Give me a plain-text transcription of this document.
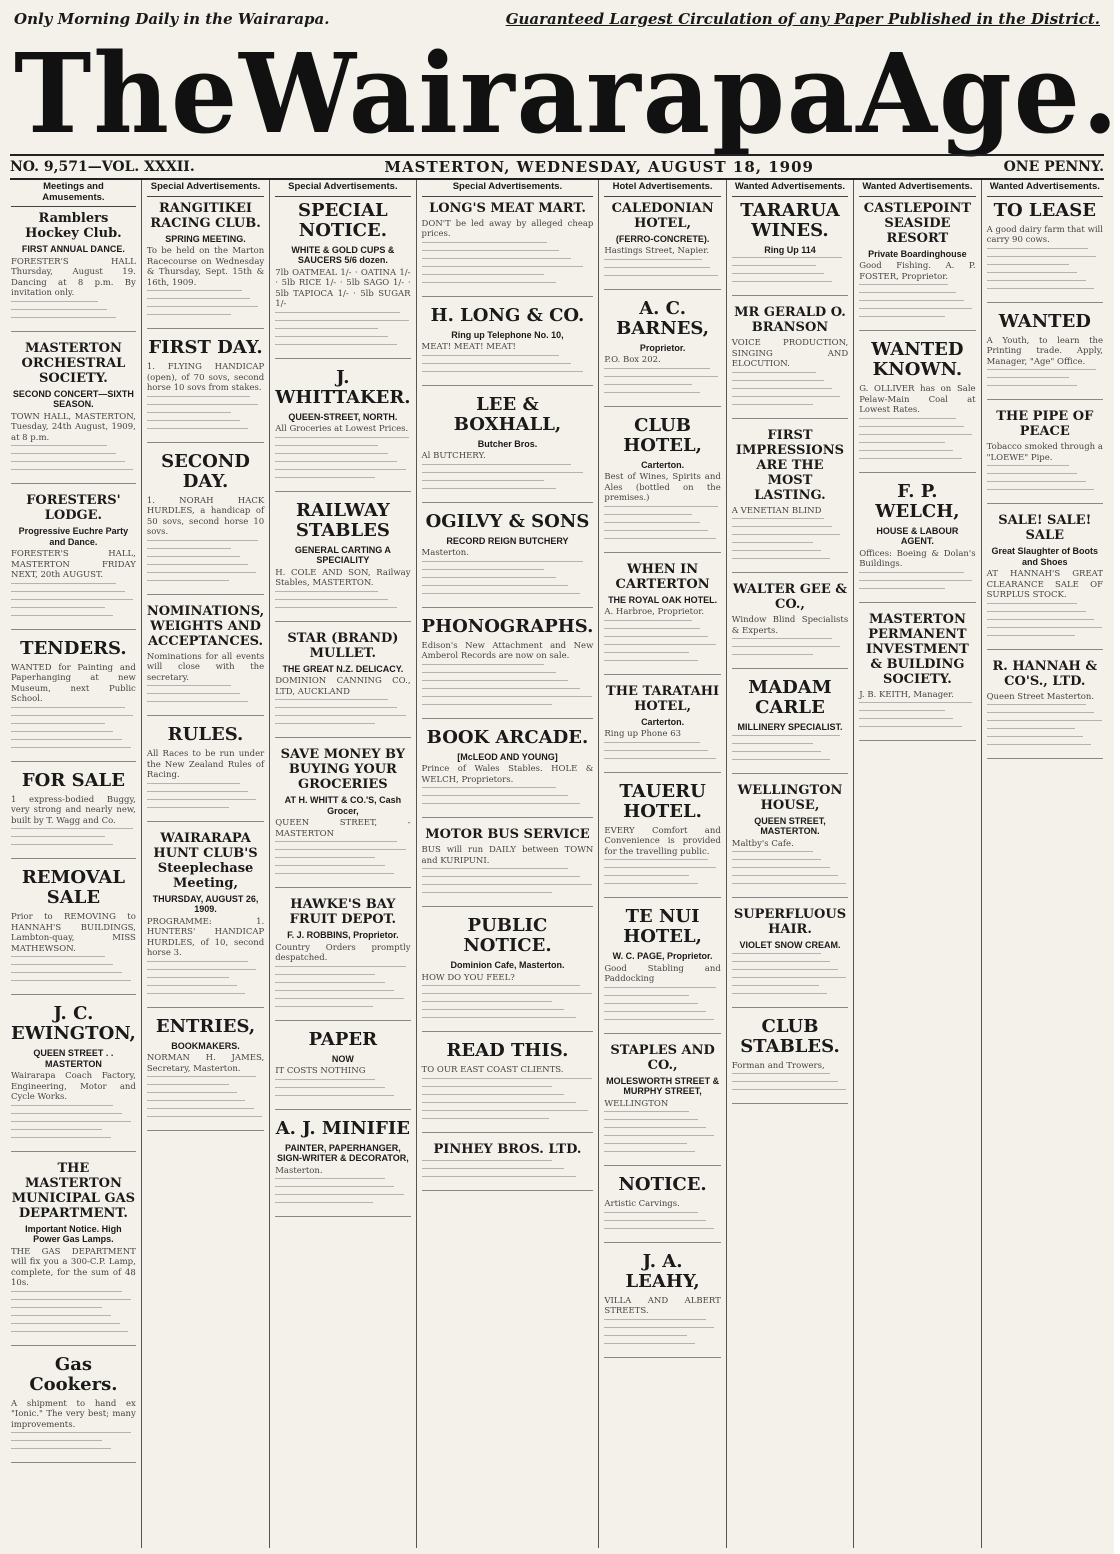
Only Morning Daily in the Wairarapa.	Guaranteed Largest Circulation of any Paper Published in the District.
The Wairarapa Age.
NO. 9,571—VOL. XXXII.	MASTERTON, WEDNESDAY, AUGUST 18, 1909	ONE PENNY.
Meetings and Amusements.
Ramblers Hockey Club.
FIRST ANNUAL DANCE.
FORESTER'S HALL Thursday, August 19. Dancing at 8 p.m. By invitation only.
MASTERTON ORCHESTRAL SOCIETY.
SECOND CONCERT—SIXTH SEASON.
TOWN HALL, MASTERTON, Tuesday, 24th August, 1909, at 8 p.m.
FORESTERS' LODGE.
Progressive Euchre Party and Dance.
FORESTER'S HALL, MASTERTON FRIDAY NEXT, 20th AUGUST.
TENDERS.
WANTED for Painting and Paperhanging at new Museum, next Public School.
FOR SALE
1 express-bodied Buggy, very strong and nearly new, built by T. Wagg and Co.
REMOVAL SALE
Prior to REMOVING to HANNAH'S BUILDINGS, Lambton-quay, MISS MATHEWSON.
J. C. EWINGTON,
QUEEN STREET . . MASTERTON
Wairarapa Coach Factory, Engineering, Motor and Cycle Works.
THE MASTERTON MUNICIPAL GAS DEPARTMENT.
Important Notice. High Power Gas Lamps.
THE GAS DEPARTMENT will fix you a 300-C.P. Lamp, complete, for the sum of 48 10s.
Gas Cookers.
A shipment to hand ex "Ionic." The very best; many improvements.
Special Advertisements.
RANGITIKEI RACING CLUB.
SPRING MEETING.
To be held on the Marton Racecourse on Wednesday & Thursday, Sept. 15th & 16th, 1909.
FIRST DAY.
1. FLYING HANDICAP (open), of 70 sovs, second horse 10 sovs from stakes.
SECOND DAY.
1. NORAH HACK HURDLES, a handicap of 50 sovs, second horse 10 sovs.
NOMINATIONS, WEIGHTS AND ACCEPTANCES.
Nominations for all events will close with the secretary.
RULES.
All Races to be run under the New Zealand Rules of Racing.
WAIRARAPA HUNT CLUB'S Steeplechase Meeting,
THURSDAY, AUGUST 26, 1909.
PROGRAMME: 1. HUNTERS' HANDICAP HURDLES, of 10, second horse 3.
ENTRIES,
BOOKMAKERS.
NORMAN H. JAMES, Secretary, Masterton.
Special Advertisements.
SPECIAL NOTICE.
WHITE & GOLD CUPS & SAUCERS 5/6 dozen.
7lb OATMEAL 1/- · OATINA 1/- · 5lb RICE 1/- · 5lb SAGO 1/- · 5lb TAPIOCA 1/- · 5lb SUGAR 1/-
J. WHITTAKER.
QUEEN-STREET, NORTH.
All Groceries at Lowest Prices.
RAILWAY STABLES
GENERAL CARTING A SPECIALITY
H. COLE AND SON, Railway Stables, MASTERTON.
STAR (BRAND) MULLET.
THE GREAT N.Z. DELICACY.
DOMINION CANNING CO., LTD, AUCKLAND
SAVE MONEY BY BUYING YOUR GROCERIES
AT H. WHITT & CO.'S, Cash Grocer,
QUEEN STREET, - MASTERTON
HAWKE'S BAY FRUIT DEPOT.
F. J. ROBBINS, Proprietor.
Country Orders promptly despatched.
PAPER
NOW
IT COSTS NOTHING
A. J. MINIFIE
PAINTER, PAPERHANGER, SIGN-WRITER & DECORATOR,
Masterton.
Special Advertisements.
LONG'S MEAT MART.
DON'T be led away by alleged cheap prices.
H. LONG & CO.
Ring up Telephone No. 10,
MEAT! MEAT! MEAT!
LEE & BOXHALL,
Butcher Bros.
Al BUTCHERY.
OGILVY & SONS
RECORD REIGN BUTCHERY
Masterton.
PHONOGRAPHS.
Edison's New Attachment and New Amberol Records are now on sale.
BOOK ARCADE.
[McLEOD AND YOUNG]
Prince of Wales Stables. HOLE & WELCH, Proprietors.
MOTOR BUS SERVICE
BUS will run DAILY between TOWN and KURIPUNI.
PUBLIC NOTICE.
Dominion Cafe, Masterton.
HOW DO YOU FEEL?
READ THIS.
TO OUR EAST COAST CLIENTS.
PINHEY BROS. LTD.
Hotel Advertisements.
CALEDONIAN HOTEL,
(FERRO-CONCRETE).
Hastings Street, Napier.
A. C. BARNES,
Proprietor.
P.O. Box 202.
CLUB HOTEL,
Carterton.
Best of Wines, Spirits and Ales (bottled on the premises.)
WHEN IN CARTERTON
THE ROYAL OAK HOTEL.
A. Harbroe, Proprietor.
THE TARATAHI HOTEL,
Carterton.
Ring up Phone 63
TAUERU HOTEL.
EVERY Comfort and Convenience is provided for the travelling public.
TE NUI HOTEL,
W. C. PAGE, Proprietor.
Good Stabling and Paddocking
STAPLES AND CO.,
MOLESWORTH STREET & MURPHY STREET,
WELLINGTON
NOTICE.
Artistic Carvings.
J. A. LEAHY,
VILLA AND ALBERT STREETS.
Wanted Advertisements.
TARARUA WINES.
Ring Up 114
MR GERALD O. BRANSON
VOICE PRODUCTION, SINGING AND ELOCUTION.
FIRST IMPRESSIONS ARE THE MOST LASTING.
A VENETIAN BLIND
WALTER GEE & CO.,
Window Blind Specialists & Experts.
MADAM CARLE
MILLINERY SPECIALIST.
WELLINGTON HOUSE,
QUEEN STREET, MASTERTON.
Maltby's Cafe.
SUPERFLUOUS HAIR.
VIOLET SNOW CREAM.
CLUB STABLES.
Forman and Trowers,
Wanted Advertisements.
CASTLEPOINT SEASIDE RESORT
Private Boardinghouse
Good Fishing. A. P. FOSTER, Proprietor.
WANTED KNOWN.
G. OLLIVER has on Sale Pelaw-Main Coal at Lowest Rates.
F. P. WELCH,
HOUSE & LABOUR AGENT.
Offices: Boeing & Dolan's Buildings.
MASTERTON PERMANENT INVESTMENT & BUILDING SOCIETY.
J. B. KEITH, Manager.
Wanted Advertisements.
TO LEASE
A good dairy farm that will carry 90 cows.
WANTED
A Youth, to learn the Printing trade. Apply, Manager, "Age" Office.
THE PIPE OF PEACE
Tobacco smoked through a "LOEWE" Pipe.
SALE! SALE! SALE
Great Slaughter of Boots and Shoes
AT HANNAH'S GREAT CLEARANCE SALE OF SURPLUS STOCK.
R. HANNAH & CO'S., LTD.
Queen Street Masterton.
